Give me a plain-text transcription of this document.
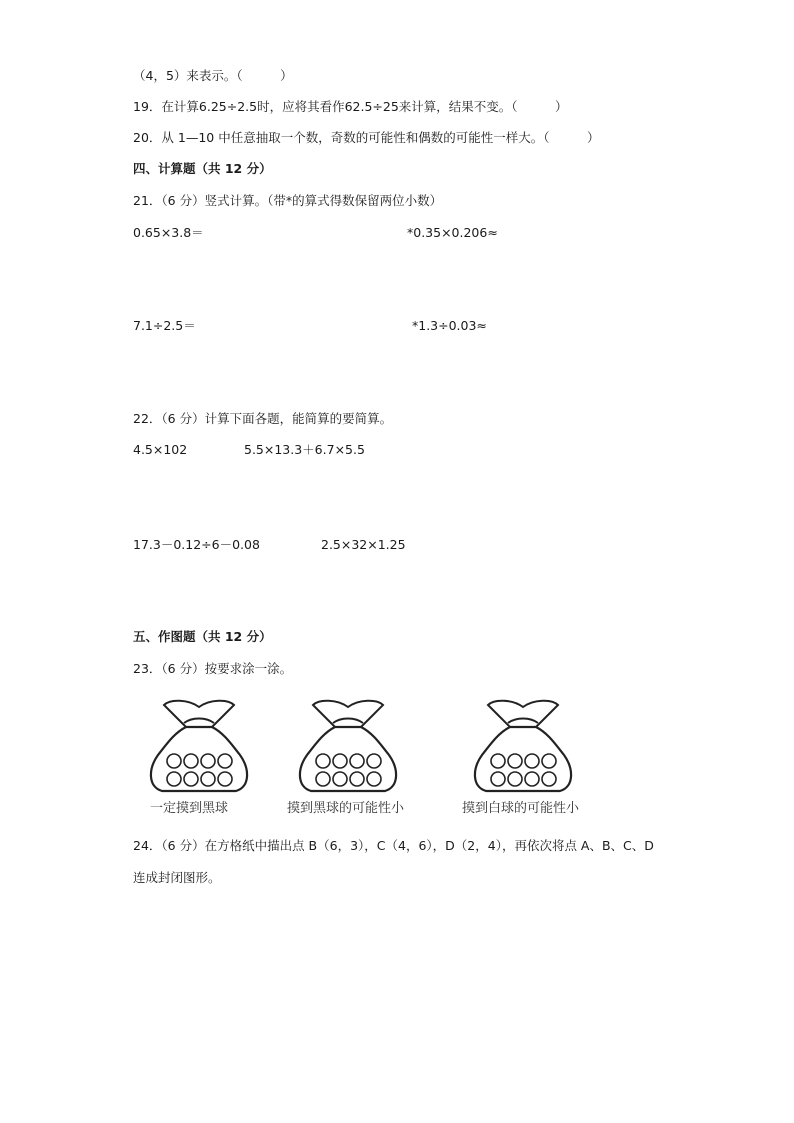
（4，5）来表示。（　　　）
19．在计算6.25÷2.5时，应将其看作62.5÷25来计算，结果不变。（　　　）
20．从 1—10 中任意抽取一个数，奇数的可能性和偶数的可能性一样大。（　　　）
四、计算题（共 12 分）
21．（6 分）竖式计算。（带*的算式得数保留两位小数）
0.65×3.8＝	*0.35×0.206≈
7.1÷2.5＝	*1.3÷0.03≈
22．（6 分）计算下面各题，能简算的要简算。
4.5×102	5.5×13.3＋6.7×5.5
17.3－0.12÷6－0.08	2.5×32×1.25
五、作图题（共 12 分）
23．（6 分）按要求涂一涂。
一定摸到黑球	摸到黑球的可能性小	摸到白球的可能性小
24．（6 分）在方格纸中描出点 B（6，3），C（4，6），D（2，4），再依次将点 A、B、C、D
连成封闭图形。
